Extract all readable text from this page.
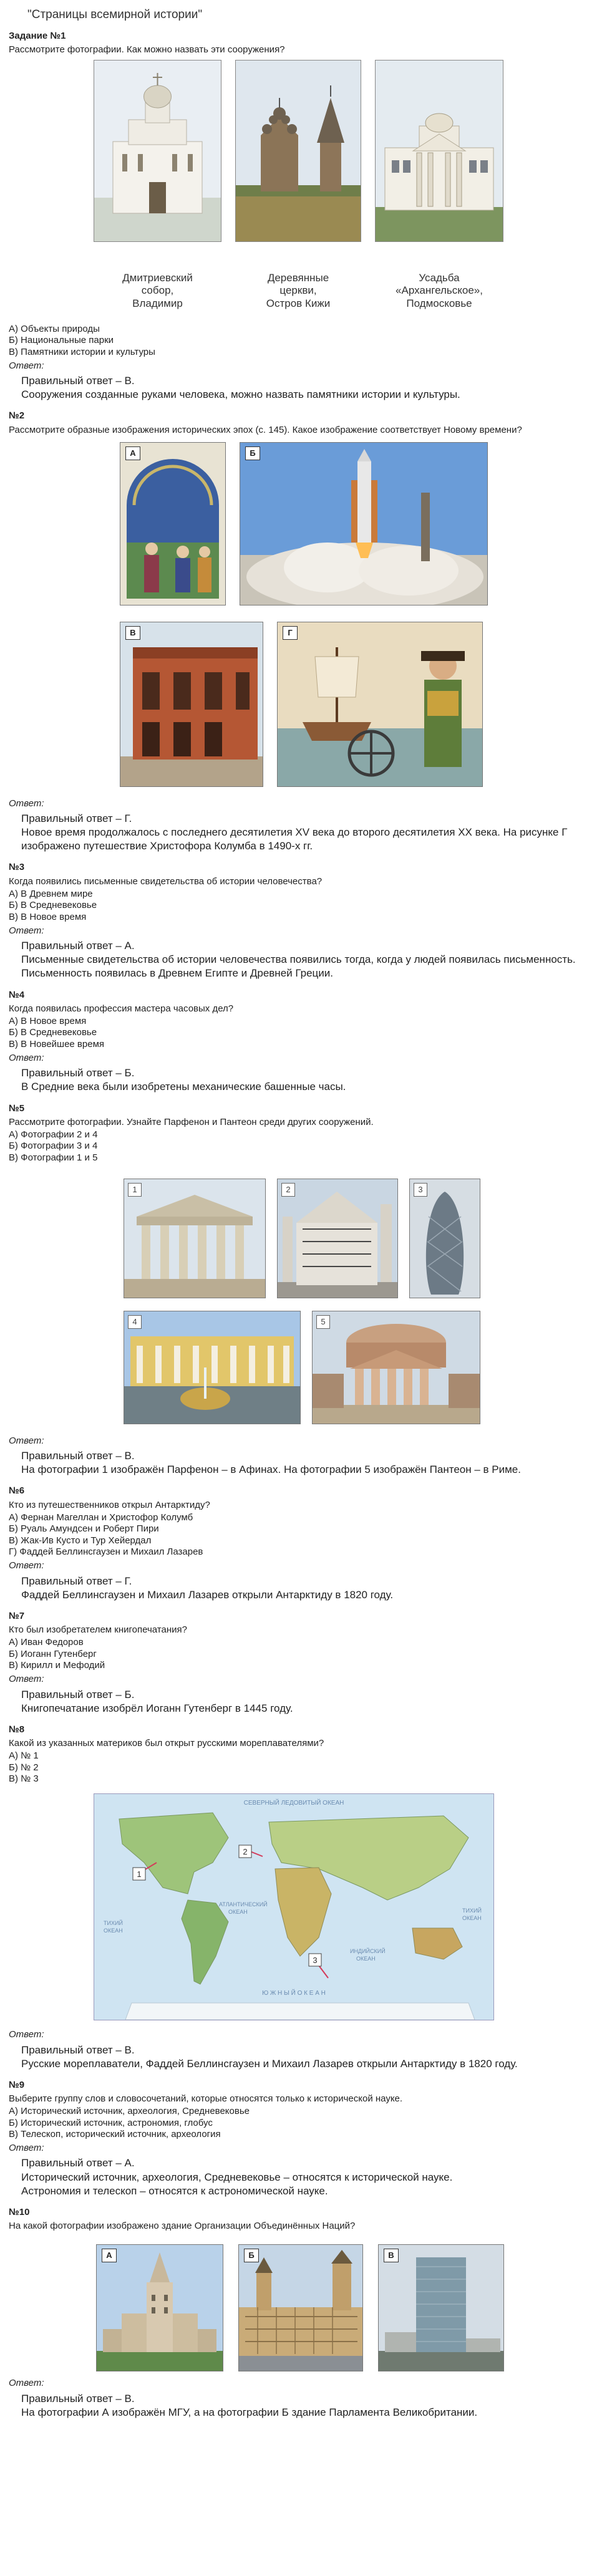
"Страницы всемирной истории"
Задание №1
Рассмотрите фотографии. Как можно назвать эти сооружения?
Дмитриевский
собор,
Владимир
Деревянные
церкви,
Остров Кижи
Усадьба
«Архангельское»,
Подмосковье
А) Объекты природы
Б) Национальные парки
В) Памятники истории и культуры
Ответ:

Правильный ответ – В.

Сооружения созданные руками человека, можно назвать памятники истории и культуры.

№2
Рассмотрите образные изображения исторических эпох (с. 145). Какое изображение соответствует Новому времени?
А	Б
В	Г
Ответ:

Правильный ответ – Г.

Новое время продолжалось с последнего десятилетия XV века до второго десятилетия XX века. На рисунке Г изображено путешествие Христофора Колумба в 1490-х гг.

№3
Когда появились письменные свидетельства об истории человечества?
А) В Древнем мире
Б) В Средневековье
В) В Новое время
Ответ:

Правильный ответ – А.

Письменные свидетельства об истории человечества появились тогда, когда у людей появилась письменность. Письменность появилась в Древнем Египте и Древней Греции.

№4
Когда появилась профессия мастера часовых дел?
А) В Новое время
Б) В Средневековье
В) В Новейшее время
Ответ:

Правильный ответ – Б.

В Средние века были изобретены механические башенные часы.

№5
Рассмотрите фотографии. Узнайте Парфенон и Пантеон среди других сооружений.
А) Фотографии 2 и 4
Б) Фотографии 3 и 4
В) Фотографии 1 и 5
1	2	3
4	5
Ответ:

Правильный ответ – В.

На фотографии 1 изображён Парфенон – в Афинах. На фотографии 5 изображён Пантеон – в Риме.

№6
Кто из путешественников открыл Антарктиду?
А) Фернан Магеллан и Христофор Колумб
Б) Руаль Амундсен и Роберт Пири
В) Жак-Ив Кусто и Тур Хейердал
Г) Фаддей Беллинсгаузен и Михаил Лазарев
Ответ:

Правильный ответ – Г.

Фаддей Беллинсгаузен и Михаил Лазарев открыли Антарктиду в 1820 году.

№7
Кто был изобретателем книгопечатания?
А) Иван Федоров
Б) Иоганн Гутенберг
В) Кирилл и Мефодий
Ответ:

Правильный ответ – Б.

Книгопечатание изобрёл Иоганн Гутенберг в 1445 году.

№8
Какой из указанных материков был открыт русскими мореплавателями?
А) № 1
Б) № 2
В) № 3
СЕВЕРНЫЙ ЛЕДОВИТЫЙ ОКЕАН
АТЛАНТИЧЕСКИЙ
ОКЕАН
ИНДИЙСКИЙ
ОКЕАН
ТИХИЙ
ОКЕАН
ТИХИЙ
ОКЕАН
Ю Ж Н Ы Й О К Е А Н
1
2
3
Ответ:

Правильный ответ – В.

Русские мореплаватели, Фаддей Беллинсгаузен и Михаил Лазарев открыли Антарктиду в 1820 году.

№9
Выберите группу слов и словосочетаний, которые относятся только к исторической науке.
А) Исторический источник, археология, Средневековье
Б) Исторический источник, астрономия, глобус
В) Телескоп, исторический источник, археология
Ответ:

Правильный ответ – А.

Исторический источник, археология, Средневековье – относятся к исторической науке.

Астрономия и телескоп – относятся к астрономической науке.

№10
На какой фотографии изображено здание Организации Объединённых Наций?
А	Б	В
Ответ:

Правильный ответ – В.

На фотографии А изображён МГУ, а на фотографии Б здание Парламента Великобритании.
